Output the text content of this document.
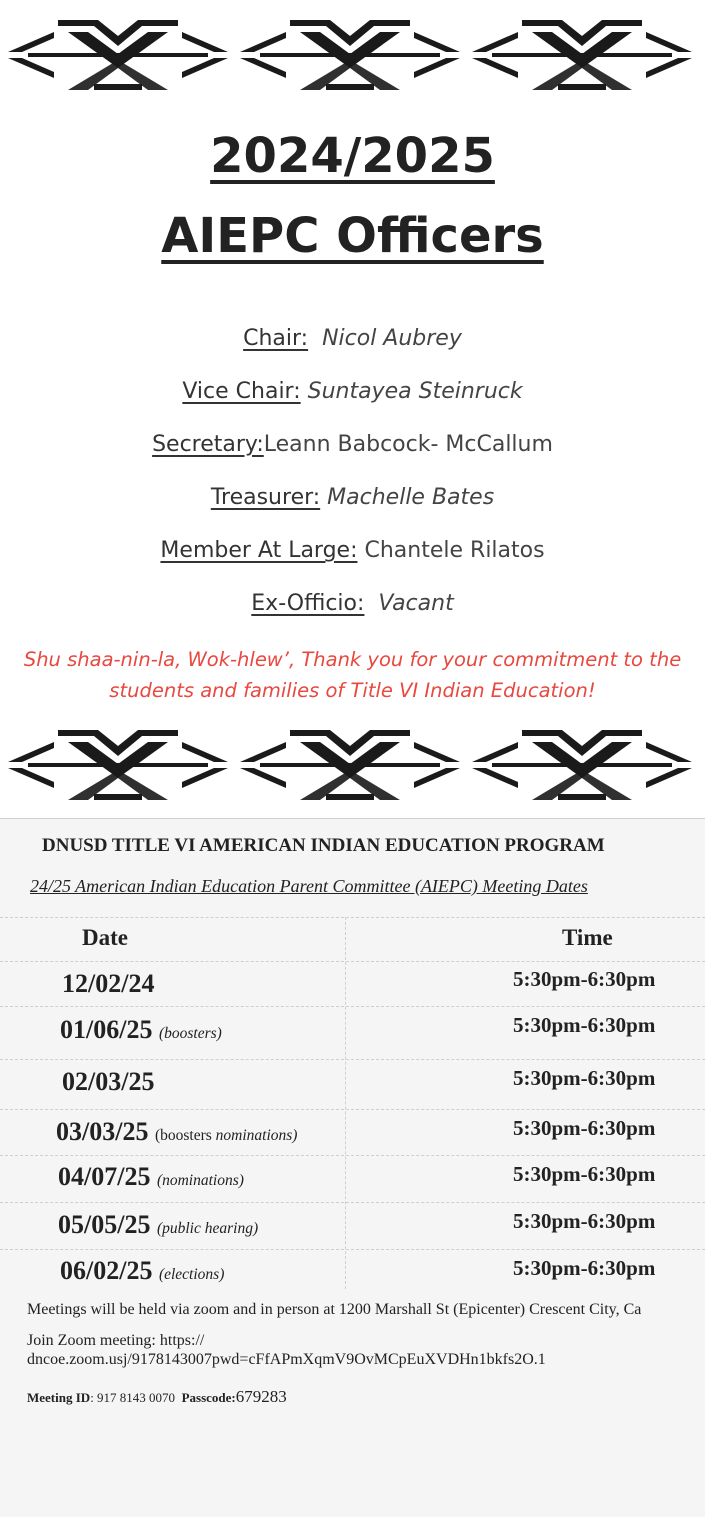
2024/2025
AIEPC Officers
Chair: Nicol Aubrey
Vice Chair: Suntayea Steinruck
Secretary:Leann Babcock- McCallum
Treasurer: Machelle Bates
Member At Large: Chantele Rilatos
Ex-Officio: Vacant
Shu shaa-nin-la, Wok-hlew’, Thank you for your commitment to the
students and families of Title VI Indian Education!
DNUSD TITLE VI AMERICAN INDIAN EDUCATION PROGRAM
24/25 American Indian Education Parent Committee (AIEPC) Meeting Dates
Date	Time
12/02/24	5:30pm-6:30pm
01/06/25 (boosters)	5:30pm-6:30pm
02/03/25	5:30pm-6:30pm
03/03/25 (boosters nominations)	5:30pm-6:30pm
04/07/25 (nominations)	5:30pm-6:30pm
05/05/25 (public hearing)	5:30pm-6:30pm
06/02/25 (elections)	5:30pm-6:30pm
Meetings will be held via zoom and in person at 1200 Marshall St (Epicenter) Crescent City, Ca
Join Zoom meeting: https://
dncoe.zoom.usj/9178143007pwd=cFfAPmXqmV9OvMCpEuXVDHn1bkfs2O.1
Meeting ID: 917 8143 0070 Passcode:679283
